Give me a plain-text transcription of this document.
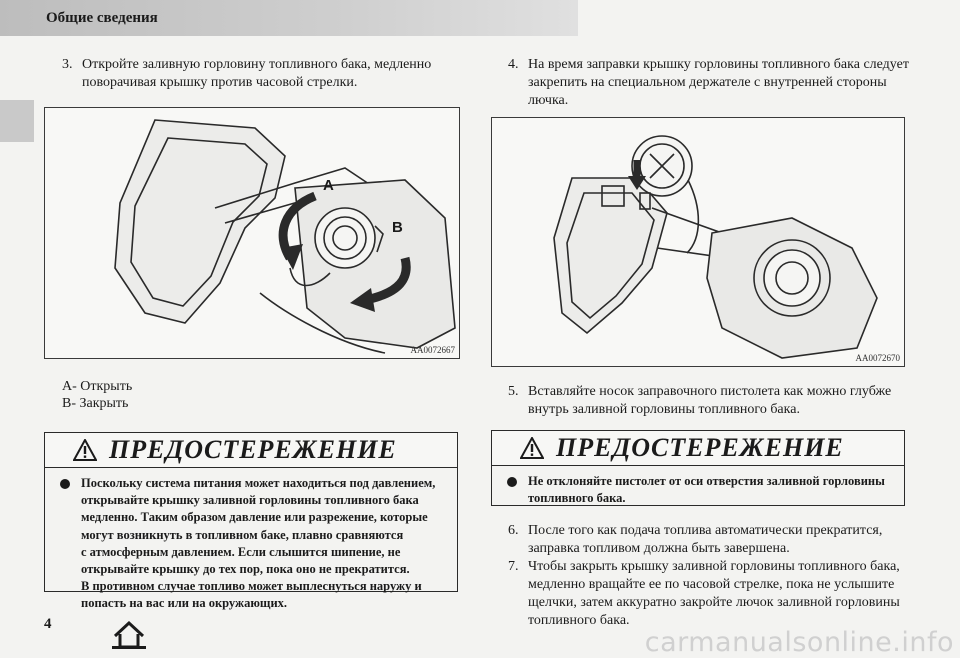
Общие сведения
3. Откройте заливную горловину топливного бака, медленно
поворачивая крышку против часовой стрелки.
A
B
AA0072667
A- Открыть
B- Закрыть
ПРЕДОСТЕРЕЖЕНИЕ
Поскольку система питания может находиться под давлением,
открывайте крышку заливной горловины топливного бака
медленно. Таким образом давление или разрежение, которые
могут возникнуть в топливном баке, плавно сравняются
с атмосферным давлением. Если слышится шипение, не
открывайте крышку до тех пор, пока оно не прекратится.
В противном случае топливо может выплеснуться наружу и
попасть на вас или на окружающих.
4. На время заправки крышку горловины топливного бака следует
закрепить на специальном держателе с внутренней стороны
лючка.
AA0072670
5. Вставляйте носок заправочного пистолета как можно глубже
внутрь заливной горловины топливного бака.
ПРЕДОСТЕРЕЖЕНИЕ
Не отклоняйте пистолет от оси отверстия заливной горловины
топливного бака.
6. После того как подача топлива автоматически прекратится,
заправка топливом должна быть завершена.
7. Чтобы закрыть крышку заливной горловины топливного бака,
медленно вращайте ее по часовой стрелке, пока не услышите
щелчки, затем аккуратно закройте лючок заливной горловины
топливного бака.
4
carmanualsonline.info
